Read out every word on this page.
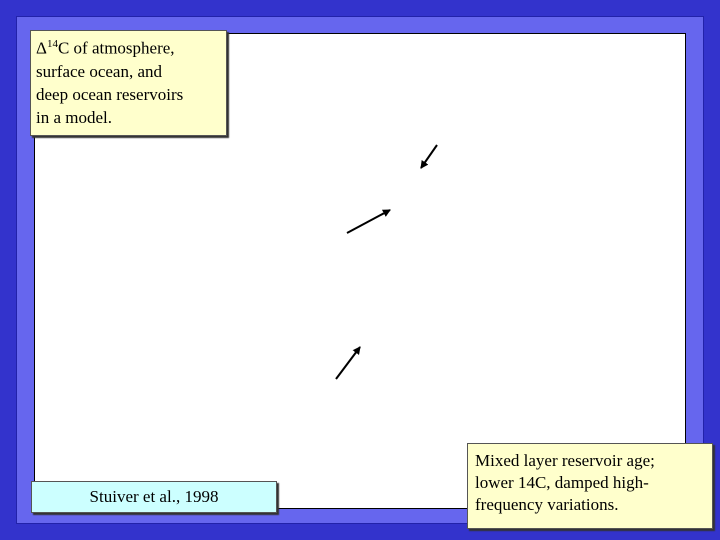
$\Delta^{14}C$ of atmosphere,
surface ocean, and
deep ocean reservoirs
in a model.
Stuiver et al., 1998
Mixed layer reservoir age;
lower 14C, damped high-
frequency variations.
